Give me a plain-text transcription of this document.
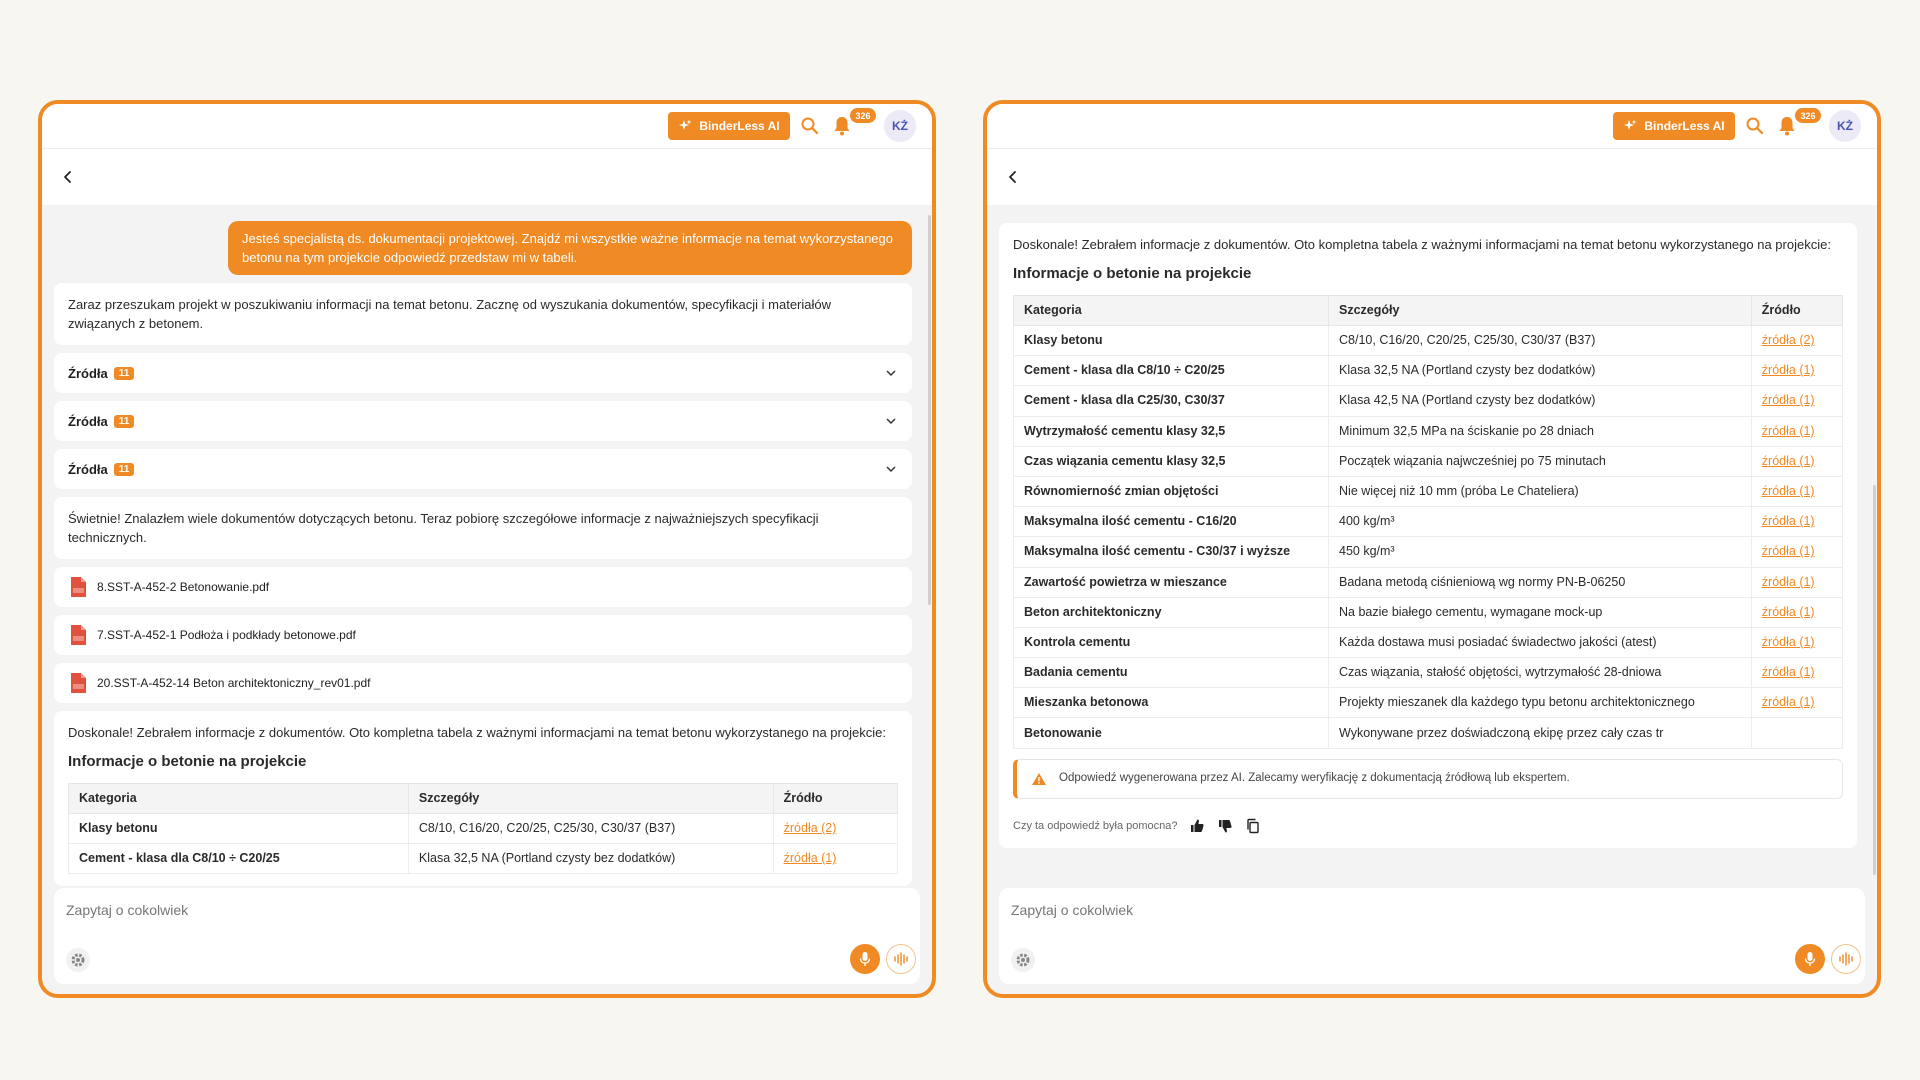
BinderLess AI
326
KŻ
Jesteś specjalistą ds. dokumentacji projektowej. Znajdź mi wszystkie ważne informacje na temat wykorzystanego betonu na tym projekcie odpowiedź przedstaw mi w tabeli.
Zaraz przeszukam projekt w poszukiwaniu informacji na temat betonu. Zacznę od wyszukania dokumentów, specyfikacji i materiałów związanych z betonem.
Źródła	11
Źródła	11
Źródła	11
Świetnie! Znalazłem wiele dokumentów dotyczących betonu. Teraz pobiorę szczegółowe informacje z najważniejszych specyfikacji technicznych.
8.SST-A-452-2 Betonowanie.pdf
7.SST-A-452-1 Podłoża i podkłady betonowe.pdf
20.SST-A-452-14 Beton architektoniczny_rev01.pdf
Doskonale! Zebrałem informacje z dokumentów. Oto kompletna tabela z ważnymi informacjami na temat betonu wykorzystanego na projekcie:
Informacje o betonie na projekcie
Kategoria	Szczegóły	Źródło
Klasy betonu	C8/10, C16/20, C20/25, C25/30, C30/37 (B37)	źródła (2)
Cement - klasa dla C8/10 ÷ C20/25	Klasa 32,5 NA (Portland czysty bez dodatków)	źródła (1)
Zapytaj o cokolwiek
BinderLess AI
326
KŻ
Doskonale! Zebrałem informacje z dokumentów. Oto kompletna tabela z ważnymi informacjami na temat betonu wykorzystanego na projekcie:
Informacje o betonie na projekcie
Kategoria	Szczegóły	Źródło
Klasy betonu	C8/10, C16/20, C20/25, C25/30, C30/37 (B37)	źródła (2)
Cement - klasa dla C8/10 ÷ C20/25	Klasa 32,5 NA (Portland czysty bez dodatków)	źródła (1)
Cement - klasa dla C25/30, C30/37	Klasa 42,5 NA (Portland czysty bez dodatków)	źródła (1)
Wytrzymałość cementu klasy 32,5	Minimum 32,5 MPa na ściskanie po 28 dniach	źródła (1)
Czas wiązania cementu klasy 32,5	Początek wiązania najwcześniej po 75 minutach	źródła (1)
Równomierność zmian objętości	Nie więcej niż 10 mm (próba Le Chateliera)	źródła (1)
Maksymalna ilość cementu - C16/20	400 kg/m³	źródła (1)
Maksymalna ilość cementu - C30/37 i wyższe	450 kg/m³	źródła (1)
Zawartość powietrza w mieszance	Badana metodą ciśnieniową wg normy PN-B-06250	źródła (1)
Beton architektoniczny	Na bazie białego cementu, wymagane mock-up	źródła (1)
Kontrola cementu	Każda dostawa musi posiadać świadectwo jakości (atest)	źródła (1)
Badania cementu	Czas wiązania, stałość objętości, wytrzymałość 28-dniowa	źródła (1)
Mieszanka betonowa	Projekty mieszanek dla każdego typu betonu architektonicznego	źródła (1)
Betonowanie	Wykonywane przez doświadczoną ekipę przez cały czas tr	
Odpowiedź wygenerowana przez AI. Zalecamy weryfikację z dokumentacją źródłową lub ekspertem.
Czy ta odpowiedź była pomocna?
Zapytaj o cokolwiek
